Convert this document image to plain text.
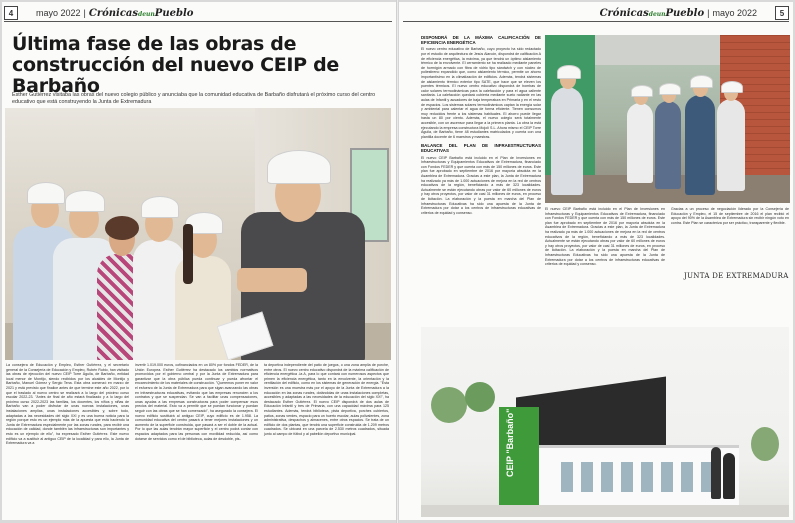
4	mayo 2022 | CrónicasdeunPueblo
Última fase de las obras de construcción del nuevo CEIP de Barbaño
Esther Gutiérrez visitaba las obras del nuevo colegio público y anunciaba que la comunidad educativa de Barbaño disfrutará el próximo curso del centro educativo que está construyendo la Junta de Extremadura

La consejera de Educación y Empleo, Esther Gutiérrez, y el secretario general de la Consejería de Educación y Empleo, Rubén Rubio, han visitado las obras de ejecución del nuevo CEIP Torre Águila, de Barbaño, entidad local menor de Montijo, siendo recibidos por los alcaldes de Montijo y Barbaño, Manuel Gómez y Sergio Tena. Esta obra comenzó en marzo de 2021 y está previsto que finalice antes de que termine este año 2022, por lo que el traslado al nuevo centro se realizará a lo largo del próximo curso escolar 2022-23. "Antes de final de año estará finalizado y a lo largo del próximo curso 2022-2023 las familias, los docentes, los niños y niñas de Barbaño van a poder disfrutar de unas nuevas instalaciones, unas instalaciones amplias, unas instalaciones accesibles y, sobre todo, adaptadas a las necesidades del siglo XXI y es una buena noticia para la región porque esto es un ejemplo más de la apuesta que está haciendo la Junta de Extremadura especialmente por las zonas rurales, para recibir una educación de calidad, donde también las infraestructuras son importantes y esto es un ejemplo de ello", ha expresado Esther Gutiérrez. Este nuevo edificio va a sustituir al antiguo CEIP de la localidad y para ello, la Junta de Extremadura va a

invertir 1.019.000 euros, cofinanciados en un 80% por fondos FEDER, de la Unión Europea. Esther Gutiérrez ha destacado los cambios normativos promovidos por el gobierno central y por la Junta de Extremadura para garantizar que la obra pública pueda continuar y pueda afrontar el encarecimiento de los materiales de construcción. "Queremos poner en valor el esfuerzo de la Junta de Extremadura para que sigan avanzando las obras en infraestructuras educativas, evitando que las empresas renuncien a los contratos y que se suspendan. Se van a facilitar unas compensaciones, unas ayudas a las empresas constructoras para poder compensar esos precios del material. Esto va a permitir que se puedan funcionar y puedan seguir con las obras que se han comenzado", ha asegurado la consejera. El nuevo edificio sustituirá al antiguo CEIP, cuyo edificio es de 1.958. La comunidad educativa del centro pasará a tener mejores instalaciones y un aumento de la superficie construida, que pasará a ser el doble de la actual. Por lo que las aulas tendrán mayor superficie y el centro podrá contar con espacios adaptados para las personas con movilidad reducida, así como dotarse de servicios como el de biblioteca, aulas de desdoble, pis-

ta deportiva independiente del patio de juegos, o una zona amplia de porche, entre otros. El nuevo centro educativo dispondrá de la máxima calificación de eficiencia energética -la A, para lo que contará con numerosos aspectos que primen la eficiencia energética, tanto en la envolvente, la orientación y la ventilación del edificio, como en los sistemas de generación de energía. "Esta inversión es una muestra más por el apoyo de la Junta de Extremadura a la educación en las zonas rurales, dotándolas de unas instalaciones completas, accesibles y adaptadas a las necesidades de la educación del siglo XXI", ha destacado Esther Gutiérrez. El nuevo CEIP dispondrá de dos aulas de Educación Infantil y tres de Primaria, con una capacidad máxima para 125 estudiantes. Además, tendrá biblioteca, pista deportiva, porches cubiertos, patios, zonas verdes, espacio para un huerto escolar, aulas polivalentes, zona administrativa, despachos y almacenes, entre otros espacios. Se trata de un edificio de dos plantas, que tendrá una superficie construida de 1.209 metros cuadrados. Se ubicará en una parcela de 2.530 metros cuadrados, situada junto al campo de fútbol y al pabellón deportivo municipal.

CrónicasdeunPueblo | mayo 2022	5
DISPONDRÁ DE LA MÁXIMA CALIFICACIÓN DE EFICIENCIA ENERGÉTICA

El nuevo centro educativo de Barbaño, cuyo proyecto ha sido redactado por el estudio de arquitectura de Jesús Alarcón, dispondrá de calificación A de eficiencia energética, la máxima, ya que tendrá un óptimo aislamiento térmico de la envolvente. El cerramiento se ha realizado mediante paneles de hormigón armado con fibra de vidrio tipo sándwich y con núcleo de poliestireno expandido que, como aislamiento térmico, permite un ahorro importantísimo en la climatización de edificios. Además, tendrá sistemas de aislamiento térmico exterior tipo SATE, que hace que se eleven los puentes térmicos. El nuevo centro educativo dispondrá de bombas de calor solares termodinámicas para la calefacción y para el agua caliente sanitaria. La calefacción quedará cubierta mediante suelo radiante en las aulas de Infantil y ausadores de baja temperatura en Primaria y en el resto de espacios. Los sistemas solares termodinámicos captan la energía solar y ambiental para calentar el agua de forma eficiente. Tienen consumos muy reducidos frente a los sistemas habituales. El ahorro puede llegar hasta un 80 por ciento. Además, el nuevo colegio será totalmente accesible, con un ascensor para llegar a la primera planta. La obra la está ejecutando la empresa constructora Mojolí S.L. Ahora mismo el CEIP Torre Águila, de Barbaño, tiene 48 estudiantes matriculados y cuenta con una plantilla docente de 6 maestros y maestras.

BALANCE DEL PLAN DE INFRAESTRUCTURAS EDUCATIVAS

El nuevo CEIP Barbaño está incluido en el Plan de Inversiones en Infraestructuras y Equipamientos Educativos de Extremadura, financiado con Fondos FEDER y que cuenta con más de 150 millones de euros. Este plan fue aprobado en septiembre de 2016 por mayoría absoluta en la Asamblea de Extremadura. Gracias a este plan, la Junta de Extremadura ha realizado ya más de 1.000 actuaciones de mejora en la red de centros educativos de la región, beneficiando a más de 323 localidades. Actualmente se están ejecutando obras por valor de 60 millones de euros y hay otros proyectos, por valor de casi 31 millones de euros, en proceso de licitación. La elaboración y la puesta en marcha del Plan de Infraestructuras Educativas ha sido una apuesta de la Junta de Extremadura por dotar a los centros de infraestructuras educativas de criterios de equidad y consenso.

El nuevo CEIP Barbaño está incluido en el Plan de Inversiones en Infraestructuras y Equipamientos Educativos de Extremadura, financiado con Fondos FEDER y que cuenta con más de 150 millones de euros. Este plan fue aprobado en septiembre de 2016 por mayoría absoluta en la Asamblea de Extremadura. Gracias a este plan, la Junta de Extremadura ha realizado ya más de 1.000 actuaciones de mejora en la red de centros educativos de la región, beneficiando a más de 323 localidades. Actualmente se están ejecutando obras por valor de 60 millones de euros y hay otros proyectos, por valor de casi 31 millones de euros, en proceso de licitación. La elaboración y la puesta en marcha del Plan de Infraestructuras Educativas ha sido una apuesta de la Junta de Extremadura por dotar a los centros de infraestructuras educativas de criterios de equidad y consenso.

Gracias a un proceso de negociación liderado por la Consejería de Educación y Empleo, el 15 de septiembre de 2016 el plan recibió el apoyo del 90% de la Asamblea de Extremadura sin recibir ningún voto en contra. Este Plan se caracteriza por ser práctico, transparente y flexible.

JUNTA DE EXTREMADURA
CEIP "Barbaño"
